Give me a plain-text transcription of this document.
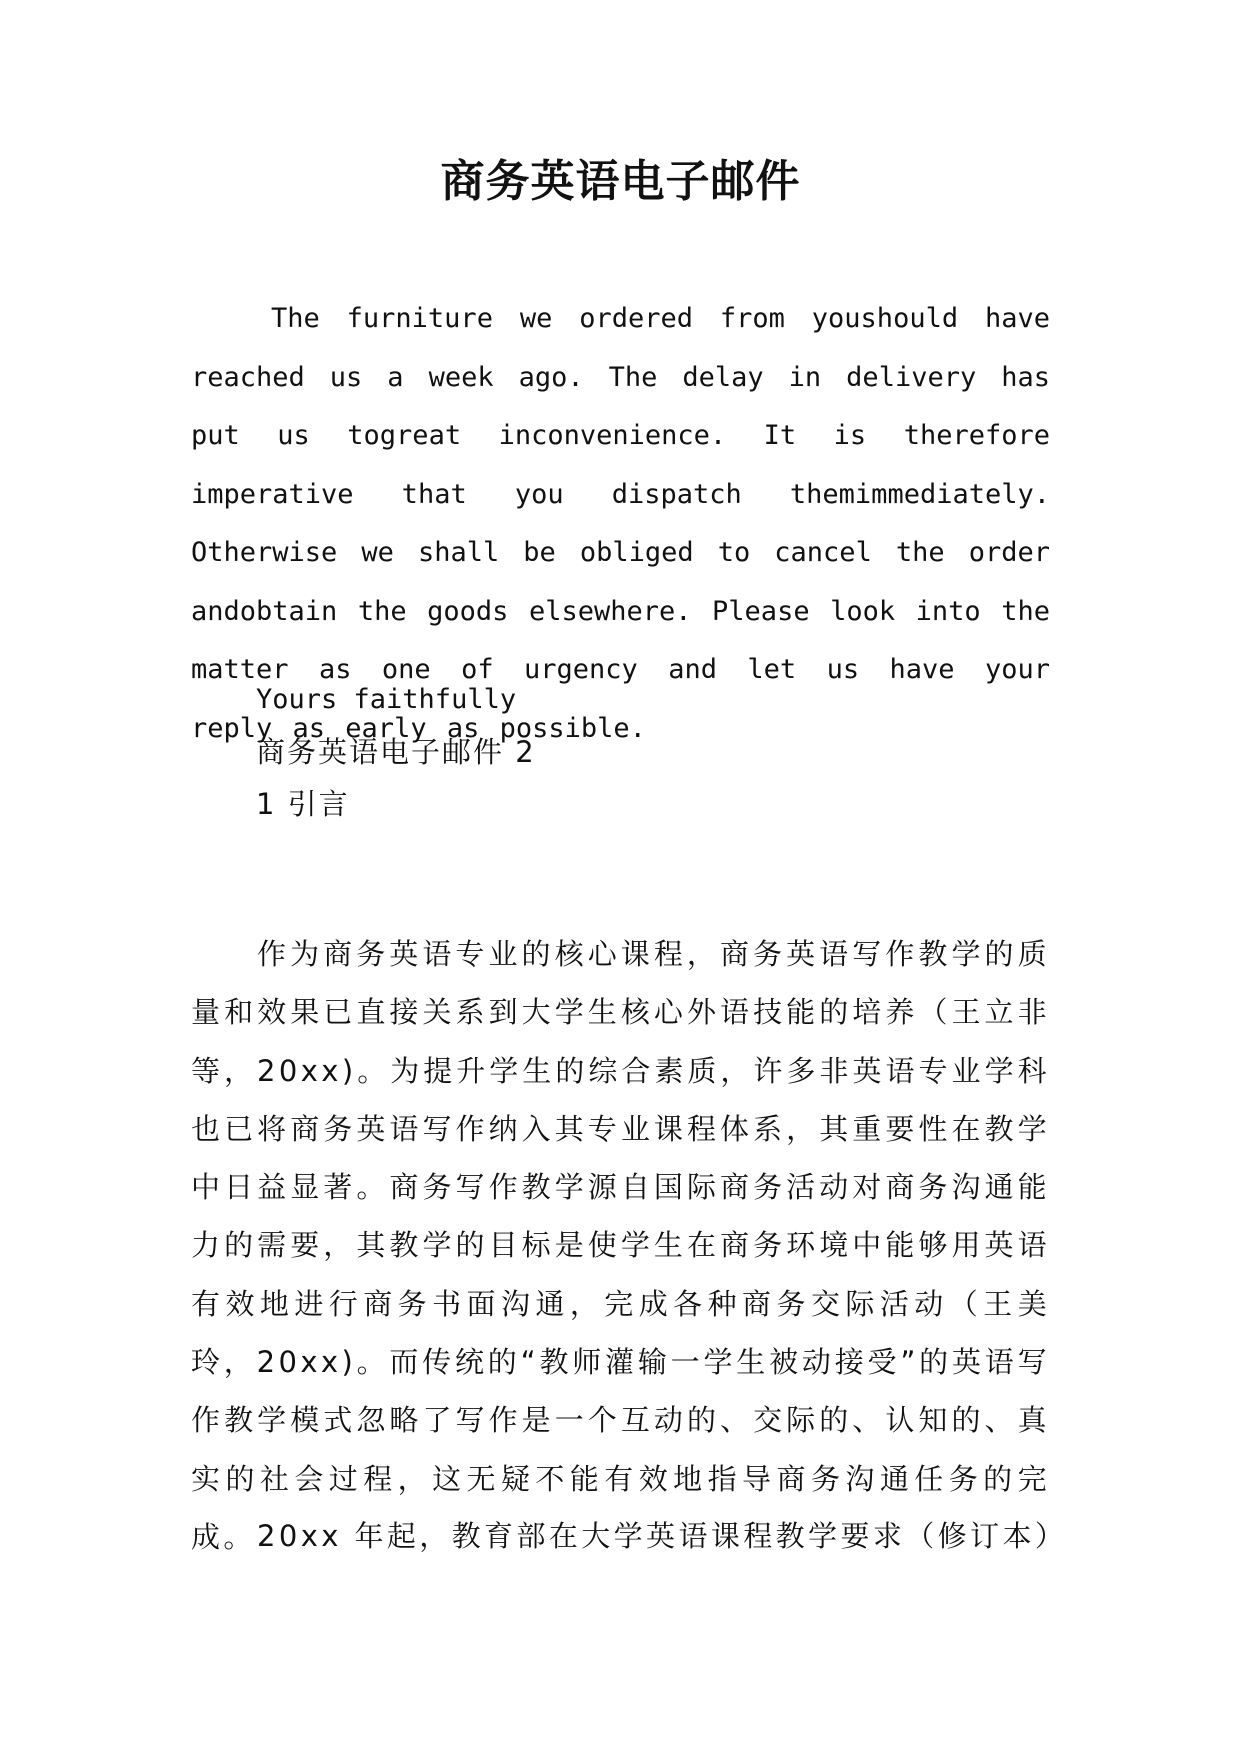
商务英语电子邮件

The furniture we ordered from youshould have reached us a week ago. The delay in delivery has put us togreat inconvenience. It is therefore imperative that you dispatch themimmediately. Otherwise we shall be obliged to cancel the order andobtain the goods elsewhere. Please look into the matter as one of urgency and let us have your reply as early as possible.

Yours faithfully

商务英语电子邮件 2

1 引言

作为商务英语专业的核心课程，商务英语写作教学的质量和效果已直接关系到大学生核心外语技能的培养（王立非等，20xx)。为提升学生的综合素质，许多非英语专业学科也已将商务英语写作纳入其专业课程体系，其重要性在教学中日益显著。商务写作教学源自国际商务活动对商务沟通能力的需要，其教学的目标是使学生在商务环境中能够用英语有效地进行商务书面沟通，完成各种商务交际活动（王美玲，20xx)。而传统的“教师灌输一学生被动接受”的英语写作教学模式忽略了写作是一个互动的、交际的、认知的、真实的社会过程，这无疑不能有效地指导商务沟通任务的完成。 20xx 年起，教育部在大学英语课程教学要求（修订本）
